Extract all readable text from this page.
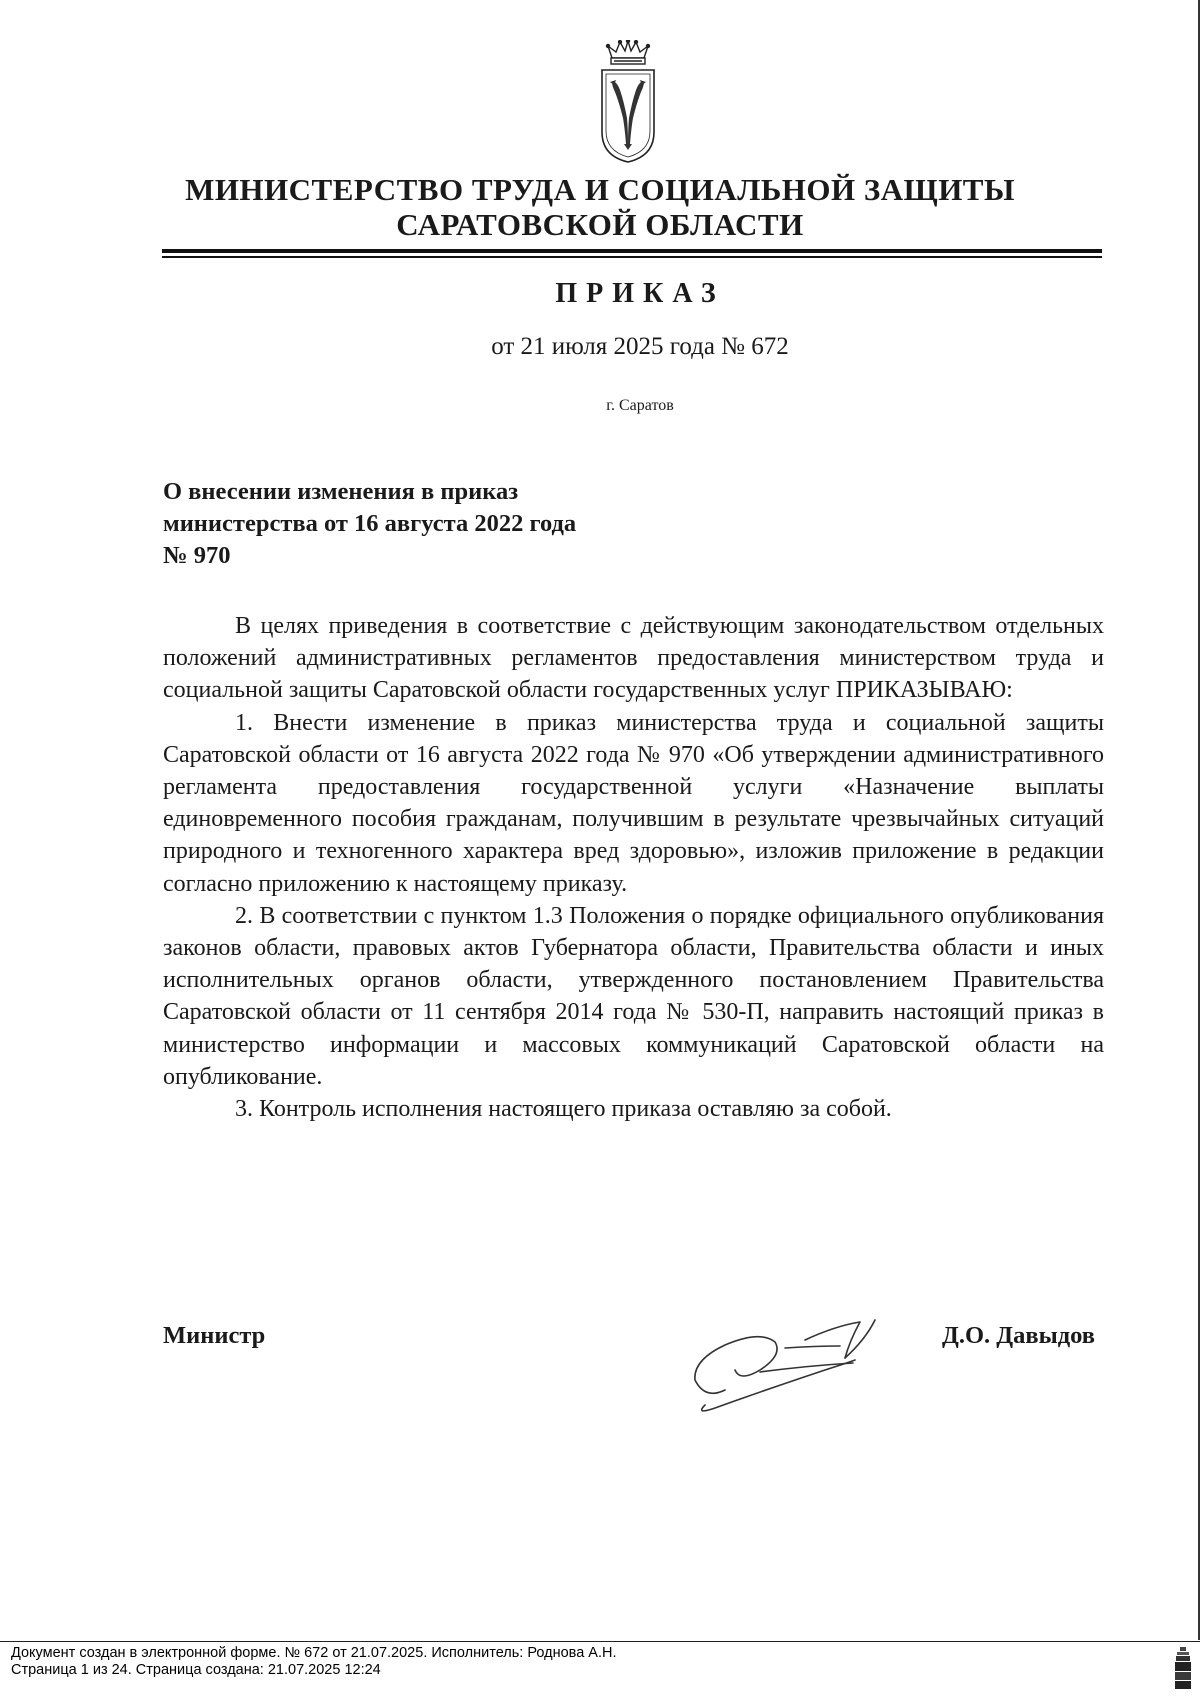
МИНИСТЕРСТВО ТРУДА И СОЦИАЛЬНОЙ ЗАЩИТЫ
САРАТОВСКОЙ ОБЛАСТИ
ПРИКАЗ
от 21 июля 2025 года № 672
г. Саратов
О внесении изменения в приказ
министерства от 16 августа 2022 года
№ 970

В целях приведения в соответствие с действующим законодательством отдельных положений административных регламентов предоставления министерством труда и социальной защиты Саратовской области государственных услуг ПРИКАЗЫВАЮ:

1. Внести изменение в приказ министерства труда и социальной защиты Саратовской области от 16 августа 2022 года № 970 «Об утверждении административного регламента предоставления государственной услуги «Назначение выплаты единовременного пособия гражданам, получившим в результате чрезвычайных ситуаций природного и техногенного характера вред здоровью», изложив приложение в редакции согласно приложению к настоящему приказу.

2. В соответствии с пунктом 1.3 Положения о порядке официального опубликования законов области, правовых актов Губернатора области, Правительства области и иных исполнительных органов области, утвержденного постановлением Правительства Саратовской области от 11 сентября 2014 года № 530-П, направить настоящий приказ в министерство информации и массовых коммуникаций Саратовской области на опубликование.

3. Контроль исполнения настоящего приказа оставляю за собой.

Министр	Д.О. Давыдов
Документ создан в электронной форме. № 672 от 21.07.2025. Исполнитель: Роднова А.Н.
Страница 1 из 24. Страница создана: 21.07.2025 12:24
